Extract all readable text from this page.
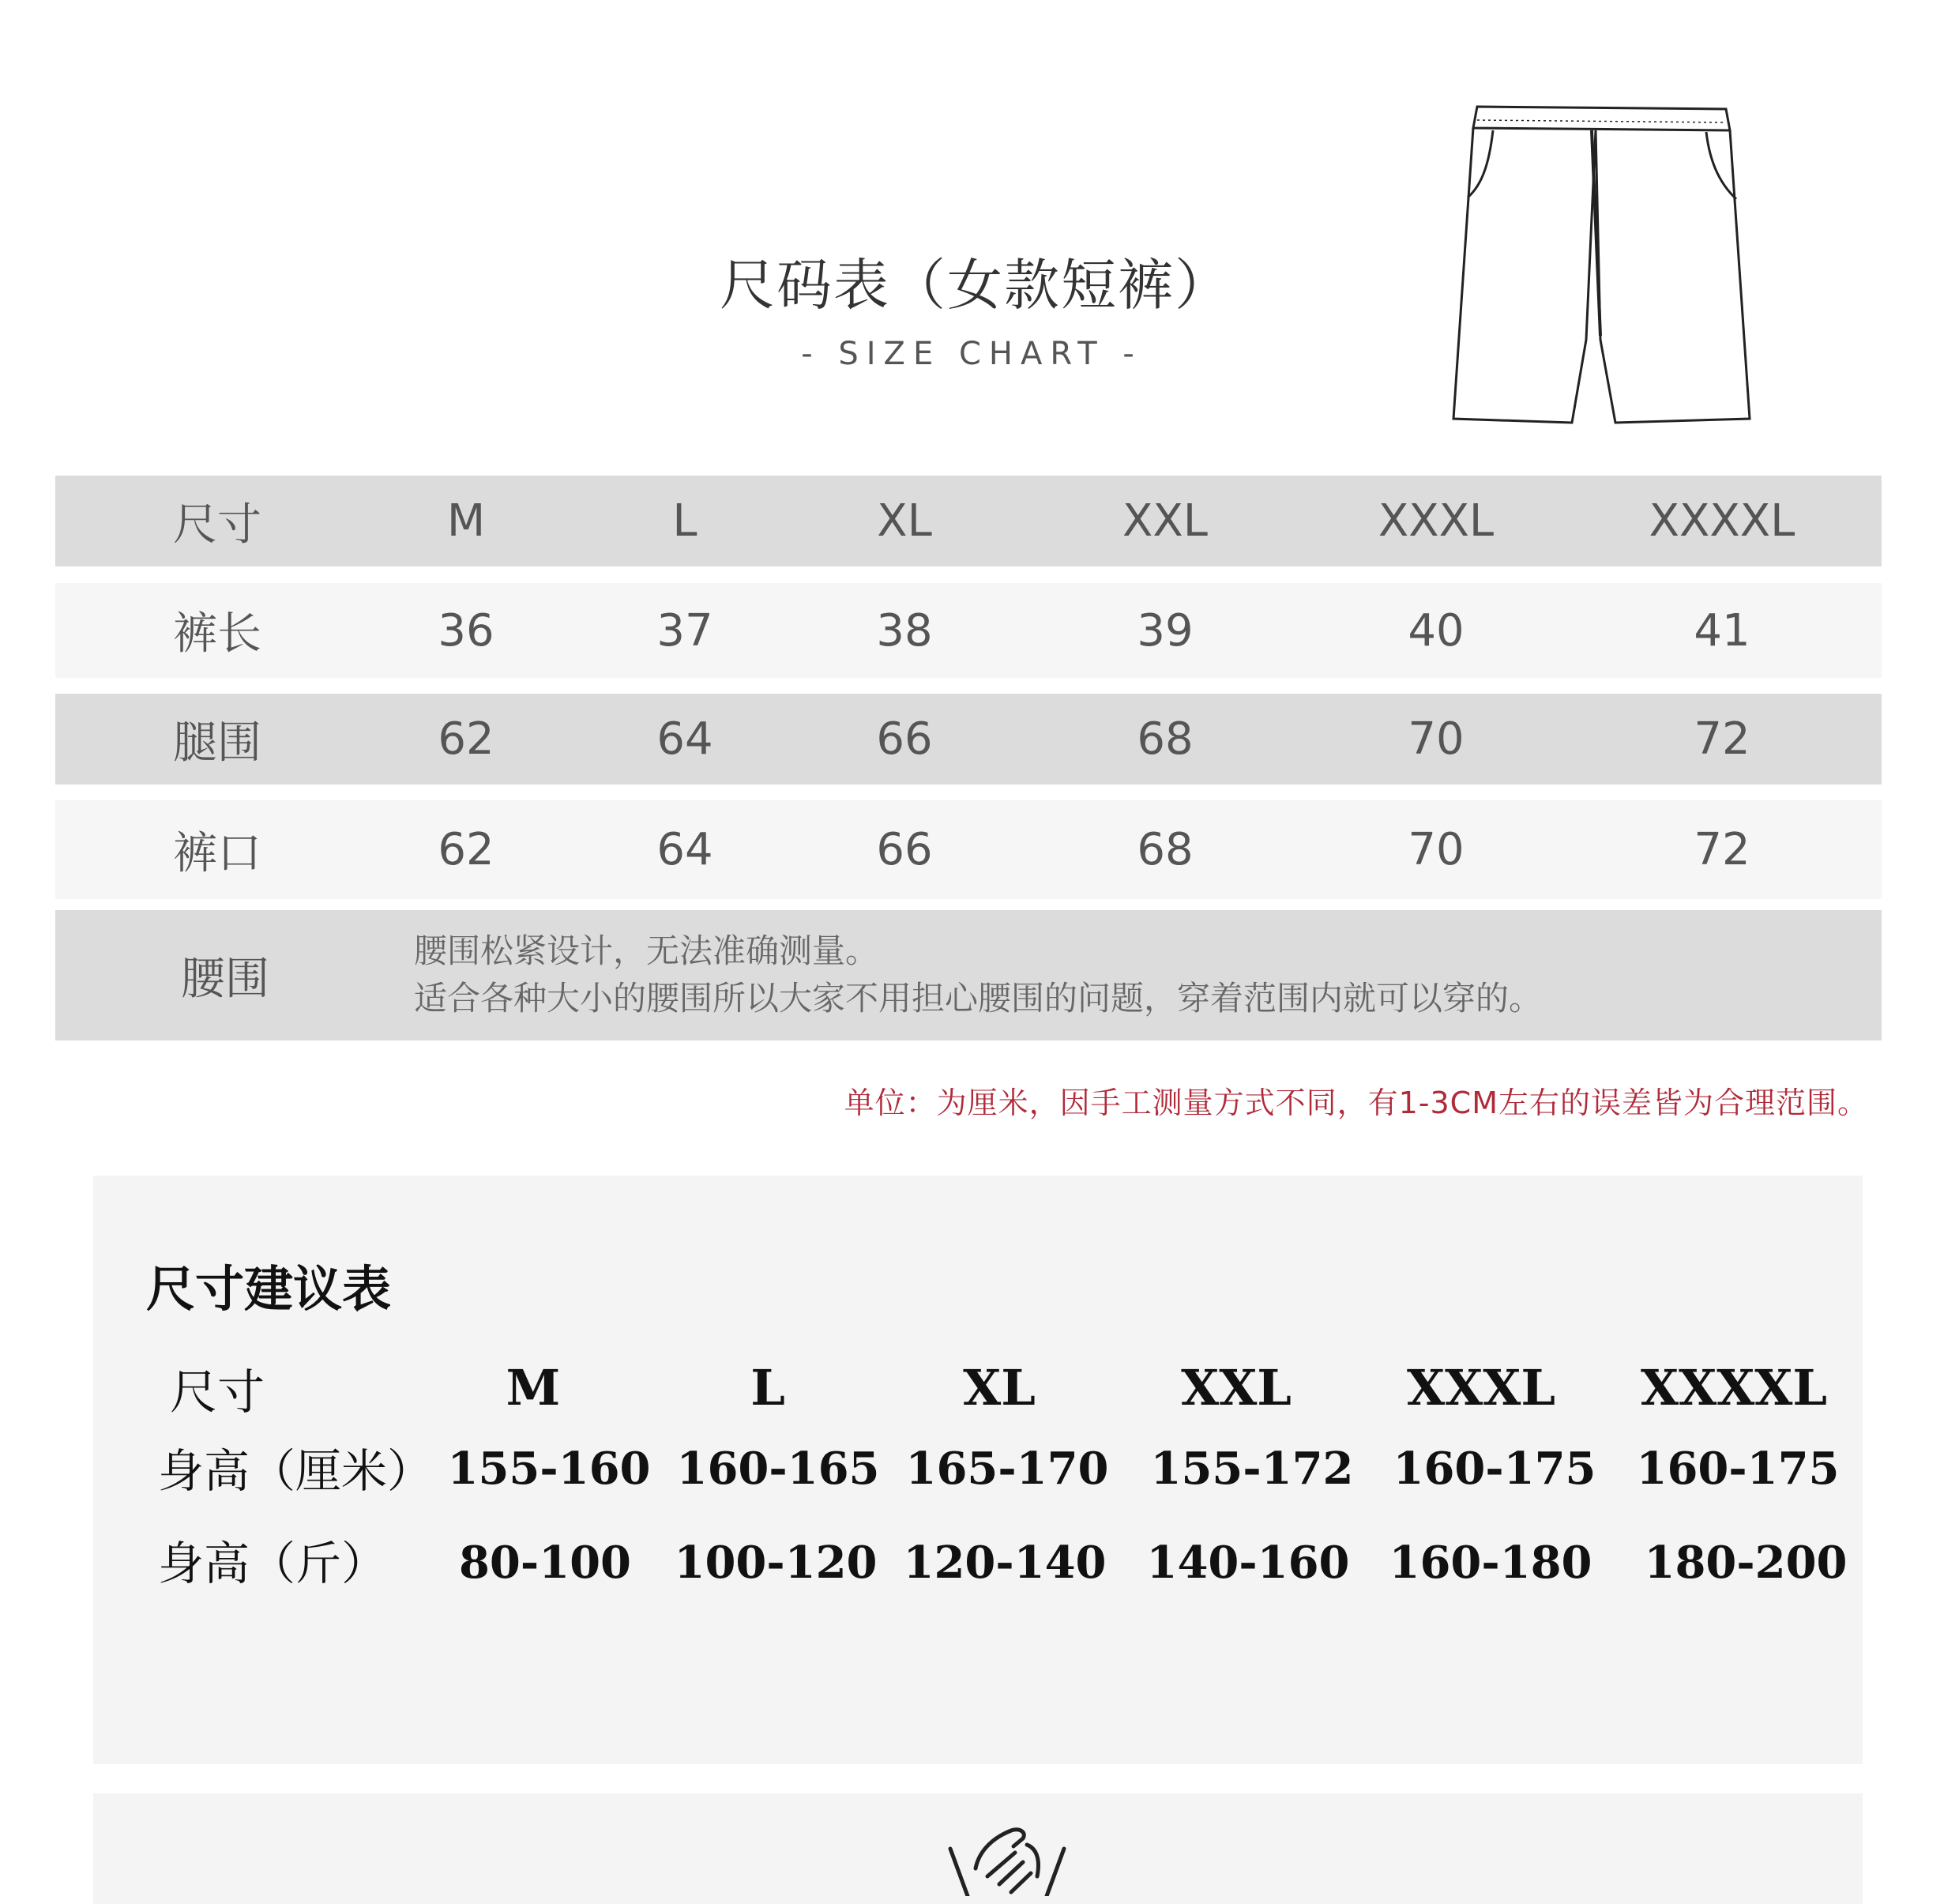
尺码表（女款短裤）
- SIZE CHART -
尺寸	M	L	XL	XXL	XXXL	XXXXL
裤长	36	37	38	39	40	41
腿围	62	64	66	68	70	72
裤口	62	64	66	68	70	72
腰围
腰围松紧设计，无法准确测量。
适合各种大小的腰围所以大家不用担心腰围的问题，穿着范围内就可以穿的。
单位：为厘米，因手工测量方式不同，有1-3CM左右的误差皆为合理范围。
尺寸建议表
尺寸	M	L	XL	XXL	XXXL	XXXXL
身高（厘米） 155-160 160-165 165-170 155-172 160-175 160-175
身高（斤）	80-100 100-120 120-140 140-160 160-180 180-200
